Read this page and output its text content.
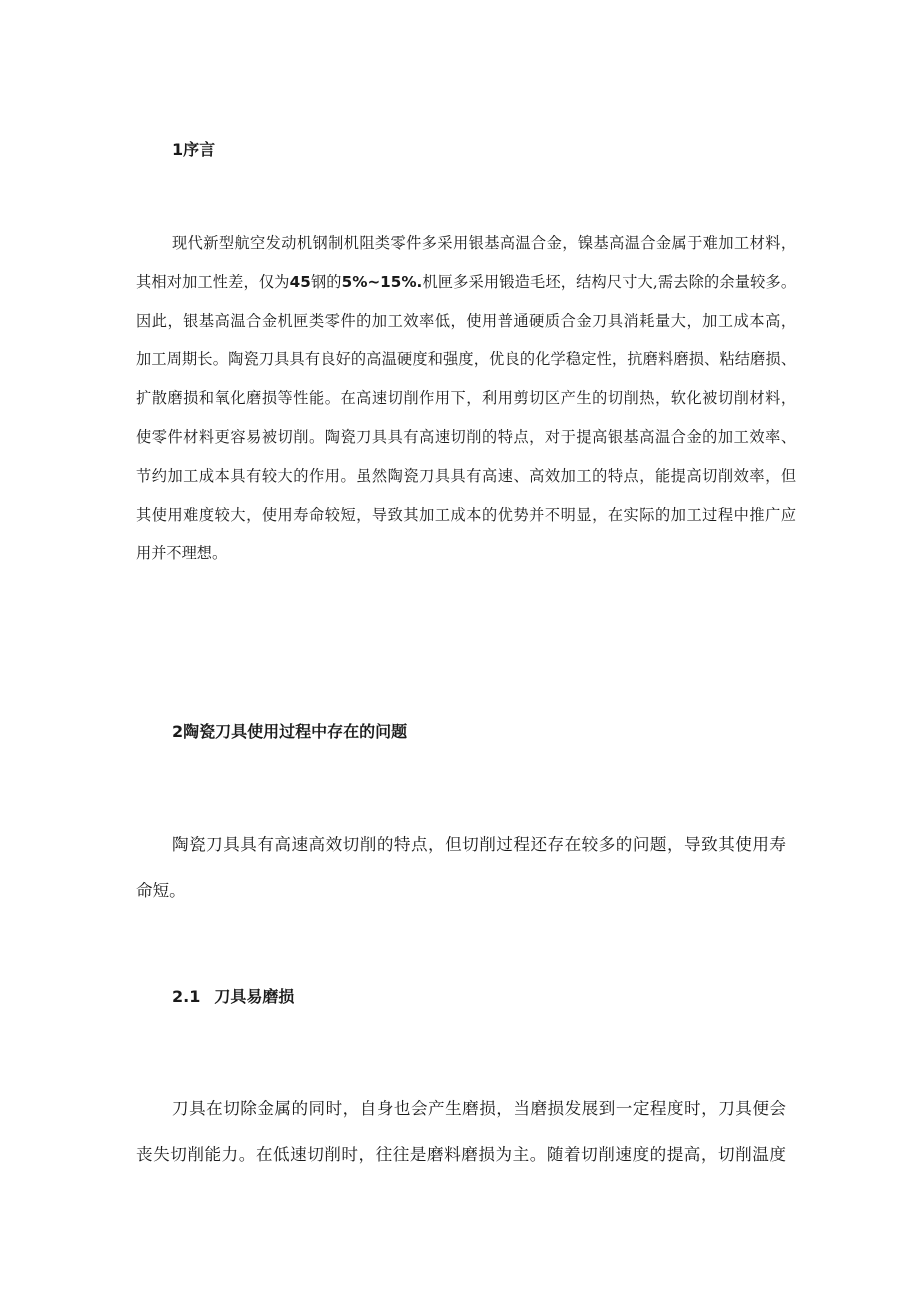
1序言

现代新型航空发动机钢制机阻类零件多采用银基高温合金，镍基高温合金属于难加工材料，
其相对加工性差，仅为45钢的5%~15%.机匣多采用锻造毛坯，结构尺寸大,需去除的余量较多。
因此，银基高温合金机匣类零件的加工效率低，使用普通硬质合金刀具消耗量大，加工成本高，
加工周期长。陶瓷刀具具有良好的高温硬度和强度，优良的化学稳定性，抗磨料磨损、粘结磨损、
扩散磨损和氧化磨损等性能。在高速切削作用下，利用剪切区产生的切削热，软化被切削材料，
使零件材料更容易被切削。陶瓷刀具具有高速切削的特点，对于提高银基高温合金的加工效率、
节约加工成本具有较大的作用。虽然陶瓷刀具具有高速、高效加工的特点，能提高切削效率，但
其使用难度较大，使用寿命较短，导致其加工成本的优势并不明显，在实际的加工过程中推广应
用并不理想。

2陶瓷刀具使用过程中存在的问题

陶瓷刀具具有高速高效切削的特点，但切削过程还存在较多的问题，导致其使用寿
命短。

2.1 刀具易磨损

刀具在切除金属的同时，自身也会产生磨损，当磨损发展到一定程度时，刀具便会
丧失切削能力。在低速切削时，往往是磨料磨损为主。随着切削速度的提高，切削温度
